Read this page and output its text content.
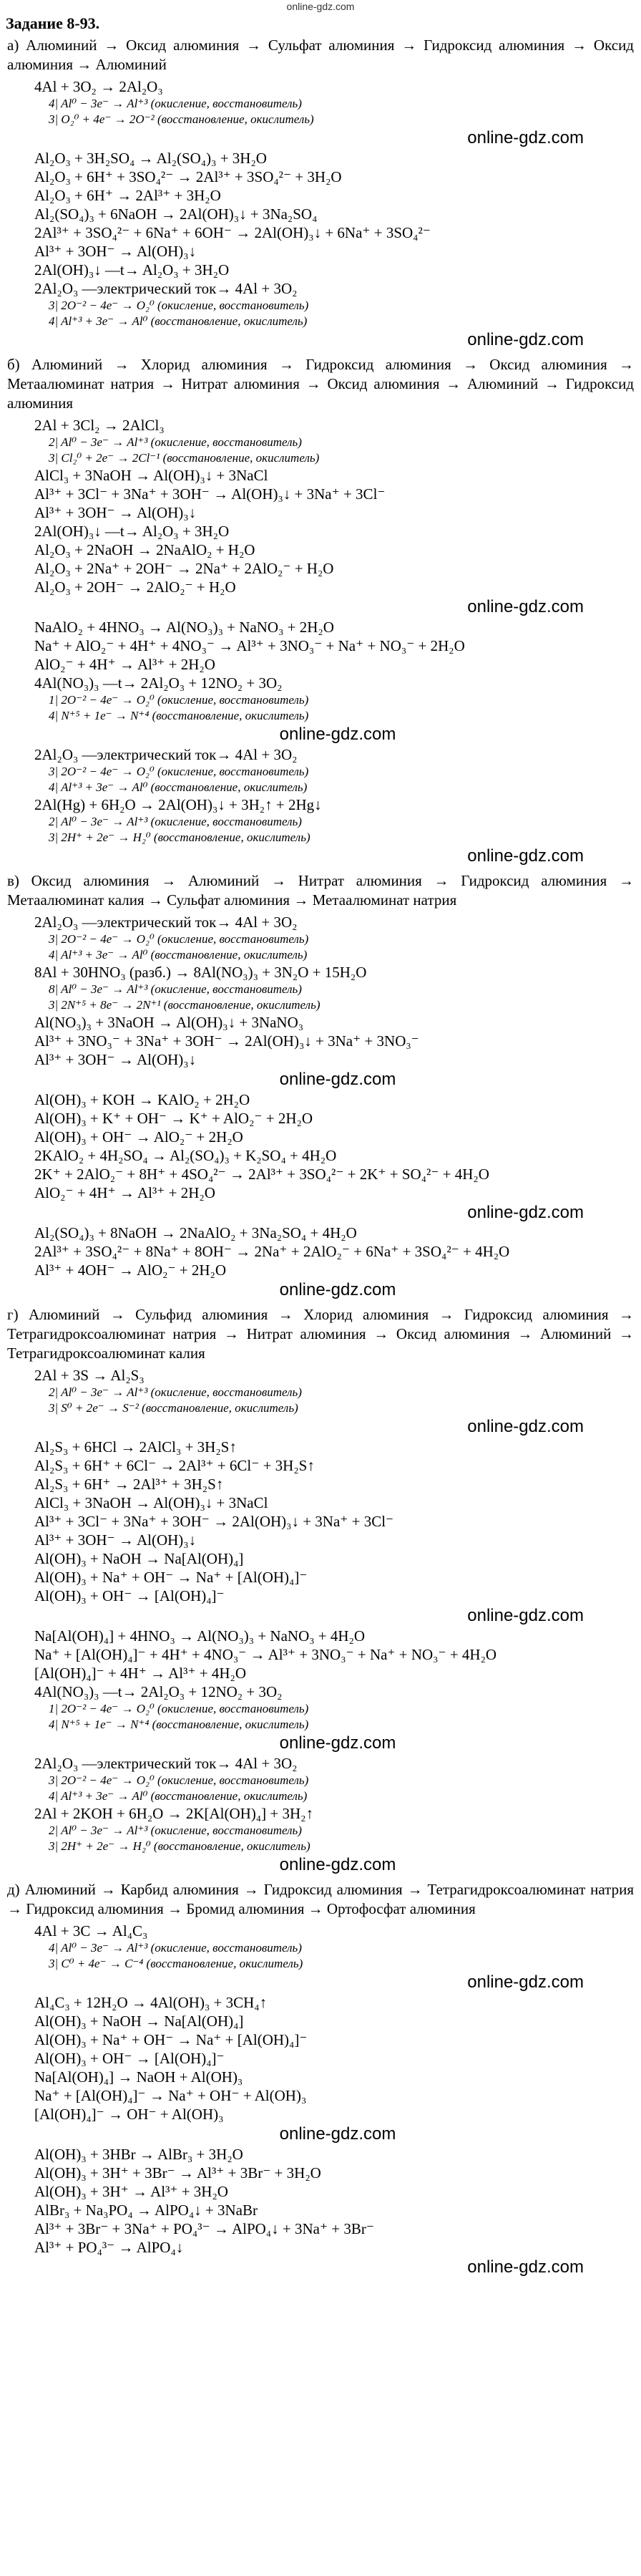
online-gdz.com
Задание 8-93.
а) Алюминий → Оксид алюминия → Сульфат алюминия → Гидроксид алюминия → Оксид алюминия → Алюминий
4Al + 3O₂ → 2Al₂O₃
4| Al⁰ − 3e⁻ → Al⁺³ (окисление, восстановитель)
3| O₂⁰ + 4e⁻ → 2O⁻² (восстановление, окислитель)
online-gdz.com
Al₂O₃ + 3H₂SO₄ → Al₂(SO₄)₃ + 3H₂O
Al₂O₃ + 6H⁺ + 3SO₄²⁻ → 2Al³⁺ + 3SO₄²⁻ + 3H₂O
Al₂O₃ + 6H⁺ → 2Al³⁺ + 3H₂O
Al₂(SO₄)₃ + 6NaOH → 2Al(OH)₃↓ + 3Na₂SO₄
2Al³⁺ + 3SO₄²⁻ + 6Na⁺ + 6OH⁻ → 2Al(OH)₃↓ + 6Na⁺ + 3SO₄²⁻
Al³⁺ + 3OH⁻ → Al(OH)₃↓
2Al(OH)₃↓ —t→ Al₂O₃ + 3H₂O
2Al₂O₃ —электрический ток→ 4Al + 3O₂
3| 2O⁻² − 4e⁻ → O₂⁰ (окисление, восстановитель)
4| Al⁺³ + 3e⁻ → Al⁰ (восстановление, окислитель)
online-gdz.com
б) Алюминий → Хлорид алюминия → Гидроксид алюминия → Оксид алюминия → Метаалюминат натрия → Нитрат алюминия → Оксид алюминия → Алюминий → Гидроксид алюминия
2Al + 3Cl₂ → 2AlCl₃
2| Al⁰ − 3e⁻ → Al⁺³ (окисление, восстановитель)
3| Cl₂⁰ + 2e⁻ → 2Cl⁻¹ (восстановление, окислитель)
AlCl₃ + 3NaOH → Al(OH)₃↓ + 3NaCl
Al³⁺ + 3Cl⁻ + 3Na⁺ + 3OH⁻ → Al(OH)₃↓ + 3Na⁺ + 3Cl⁻
Al³⁺ + 3OH⁻ → Al(OH)₃↓
2Al(OH)₃↓ —t→ Al₂O₃ + 3H₂O
Al₂O₃ + 2NaOH → 2NaAlO₂ + H₂O
Al₂O₃ + 2Na⁺ + 2OH⁻ → 2Na⁺ + 2AlO₂⁻ + H₂O
Al₂O₃ + 2OH⁻ → 2AlO₂⁻ + H₂O
online-gdz.com
NaAlO₂ + 4HNO₃ → Al(NO₃)₃ + NaNO₃ + 2H₂O
Na⁺ + AlO₂⁻ + 4H⁺ + 4NO₃⁻ → Al³⁺ + 3NO₃⁻ + Na⁺ + NO₃⁻ + 2H₂O
AlO₂⁻ + 4H⁺ → Al³⁺ + 2H₂O
4Al(NO₃)₃ —t→ 2Al₂O₃ + 12NO₂ + 3O₂
1| 2O⁻² − 4e⁻ → O₂⁰ (окисление, восстановитель)
4| N⁺⁵ + 1e⁻ → N⁺⁴ (восстановление, окислитель)
online-gdz.com
2Al₂O₃ —электрический ток→ 4Al + 3O₂
3| 2O⁻² − 4e⁻ → O₂⁰ (окисление, восстановитель)
4| Al⁺³ + 3e⁻ → Al⁰ (восстановление, окислитель)
2Al(Hg) + 6H₂O → 2Al(OH)₃↓ + 3H₂↑ + 2Hg↓
2| Al⁰ − 3e⁻ → Al⁺³ (окисление, восстановитель)
3| 2H⁺ + 2e⁻ → H₂⁰ (восстановление, окислитель)
online-gdz.com
в) Оксид алюминия → Алюминий → Нитрат алюминия → Гидроксид алюминия → Метаалюминат калия → Сульфат алюминия → Метаалюминат натрия
2Al₂O₃ —электрический ток→ 4Al + 3O₂
3| 2O⁻² − 4e⁻ → O₂⁰ (окисление, восстановитель)
4| Al⁺³ + 3e⁻ → Al⁰ (восстановление, окислитель)
8Al + 30HNO₃ (разб.) → 8Al(NO₃)₃ + 3N₂O + 15H₂O
8| Al⁰ − 3e⁻ → Al⁺³ (окисление, восстановитель)
3| 2N⁺⁵ + 8e⁻ → 2N⁺¹ (восстановление, окислитель)
Al(NO₃)₃ + 3NaOH → Al(OH)₃↓ + 3NaNO₃
Al³⁺ + 3NO₃⁻ + 3Na⁺ + 3OH⁻ → 2Al(OH)₃↓ + 3Na⁺ + 3NO₃⁻
Al³⁺ + 3OH⁻ → Al(OH)₃↓
online-gdz.com
Al(OH)₃ + KOH → KAlO₂ + 2H₂O
Al(OH)₃ + K⁺ + OH⁻ → K⁺ + AlO₂⁻ + 2H₂O
Al(OH)₃ + OH⁻ → AlO₂⁻ + 2H₂O
2KAlO₂ + 4H₂SO₄ → Al₂(SO₄)₃ + K₂SO₄ + 4H₂O
2K⁺ + 2AlO₂⁻ + 8H⁺ + 4SO₄²⁻ → 2Al³⁺ + 3SO₄²⁻ + 2K⁺ + SO₄²⁻ + 4H₂O
AlO₂⁻ + 4H⁺ → Al³⁺ + 2H₂O
online-gdz.com
Al₂(SO₄)₃ + 8NaOH → 2NaAlO₂ + 3Na₂SO₄ + 4H₂O
2Al³⁺ + 3SO₄²⁻ + 8Na⁺ + 8OH⁻ → 2Na⁺ + 2AlO₂⁻ + 6Na⁺ + 3SO₄²⁻ + 4H₂O
Al³⁺ + 4OH⁻ → AlO₂⁻ + 2H₂O
online-gdz.com
г) Алюминий → Сульфид алюминия → Хлорид алюминия → Гидроксид алюминия → Тетрагидроксоалюминат натрия → Нитрат алюминия → Оксид алюминия → Алюминий → Тетрагидроксоалюминат калия
2Al + 3S → Al₂S₃
2| Al⁰ − 3e⁻ → Al⁺³ (окисление, восстановитель)
3| S⁰ + 2e⁻ → S⁻² (восстановление, окислитель)
online-gdz.com
Al₂S₃ + 6HCl → 2AlCl₃ + 3H₂S↑
Al₂S₃ + 6H⁺ + 6Cl⁻ → 2Al³⁺ + 6Cl⁻ + 3H₂S↑
Al₂S₃ + 6H⁺ → 2Al³⁺ + 3H₂S↑
AlCl₃ + 3NaOH → Al(OH)₃↓ + 3NaCl
Al³⁺ + 3Cl⁻ + 3Na⁺ + 3OH⁻ → 2Al(OH)₃↓ + 3Na⁺ + 3Cl⁻
Al³⁺ + 3OH⁻ → Al(OH)₃↓
Al(OH)₃ + NaOH → Na[Al(OH)₄]
Al(OH)₃ + Na⁺ + OH⁻ → Na⁺ + [Al(OH)₄]⁻
Al(OH)₃ + OH⁻ → [Al(OH)₄]⁻
online-gdz.com
Na[Al(OH)₄] + 4HNO₃ → Al(NO₃)₃ + NaNO₃ + 4H₂O
Na⁺ + [Al(OH)₄]⁻ + 4H⁺ + 4NO₃⁻ → Al³⁺ + 3NO₃⁻ + Na⁺ + NO₃⁻ + 4H₂O
[Al(OH)₄]⁻ + 4H⁺ → Al³⁺ + 4H₂O
4Al(NO₃)₃ —t→ 2Al₂O₃ + 12NO₂ + 3O₂
1| 2O⁻² − 4e⁻ → O₂⁰ (окисление, восстановитель)
4| N⁺⁵ + 1e⁻ → N⁺⁴ (восстановление, окислитель)
online-gdz.com
2Al₂O₃ —электрический ток→ 4Al + 3O₂
3| 2O⁻² − 4e⁻ → O₂⁰ (окисление, восстановитель)
4| Al⁺³ + 3e⁻ → Al⁰ (восстановление, окислитель)
2Al + 2KOH + 6H₂O → 2K[Al(OH)₄] + 3H₂↑
2| Al⁰ − 3e⁻ → Al⁺³ (окисление, восстановитель)
3| 2H⁺ + 2e⁻ → H₂⁰ (восстановление, окислитель)
online-gdz.com
д) Алюминий → Карбид алюминия → Гидроксид алюминия → Тетрагидроксоалюминат натрия → Гидроксид алюминия → Бромид алюминия → Ортофосфат алюминия
4Al + 3C → Al₄C₃
4| Al⁰ − 3e⁻ → Al⁺³ (окисление, восстановитель)
3| C⁰ + 4e⁻ → C⁻⁴ (восстановление, окислитель)
online-gdz.com
Al₄C₃ + 12H₂O → 4Al(OH)₃ + 3CH₄↑
Al(OH)₃ + NaOH → Na[Al(OH)₄]
Al(OH)₃ + Na⁺ + OH⁻ → Na⁺ + [Al(OH)₄]⁻
Al(OH)₃ + OH⁻ → [Al(OH)₄]⁻
Na[Al(OH)₄] → NaOH + Al(OH)₃
Na⁺ + [Al(OH)₄]⁻ → Na⁺ + OH⁻ + Al(OH)₃
[Al(OH)₄]⁻ → OH⁻ + Al(OH)₃
online-gdz.com
Al(OH)₃ + 3HBr → AlBr₃ + 3H₂O
Al(OH)₃ + 3H⁺ + 3Br⁻ → Al³⁺ + 3Br⁻ + 3H₂O
Al(OH)₃ + 3H⁺ → Al³⁺ + 3H₂O
AlBr₃ + Na₃PO₄ → AlPO₄↓ + 3NaBr
Al³⁺ + 3Br⁻ + 3Na⁺ + PO₄³⁻ → AlPO₄↓ + 3Na⁺ + 3Br⁻
Al³⁺ + PO₄³⁻ → AlPO₄↓
online-gdz.com
